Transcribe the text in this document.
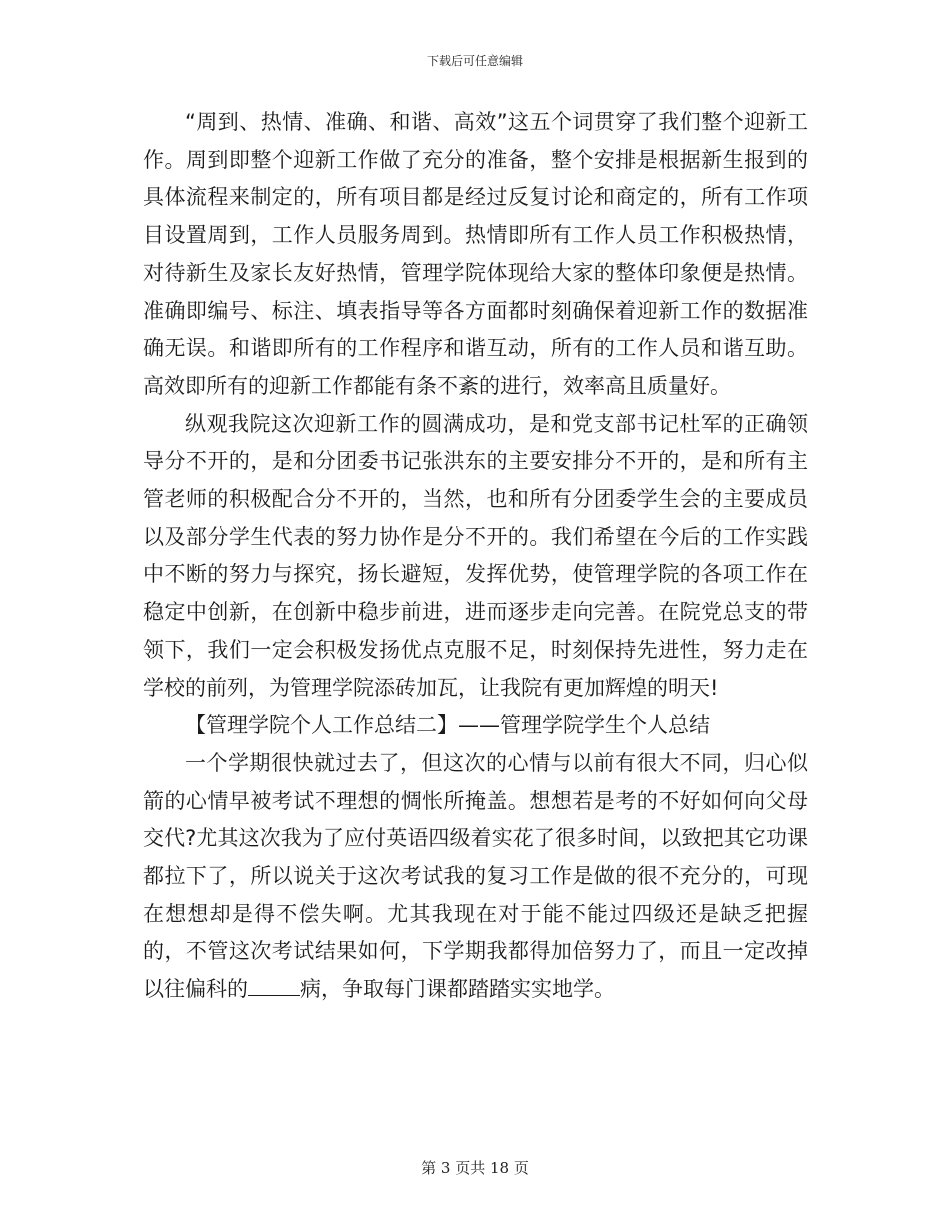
下载后可任意编辑

“周到、热情、准确、和谐、高效”这五个词贯穿了我们整个迎新工作。周到即整个迎新工作做了充分的准备，整个安排是根据新生报到的具体流程来制定的，所有项目都是经过反复讨论和商定的，所有工作项目设置周到，工作人员服务周到。热情即所有工作人员工作积极热情，对待新生及家长友好热情，管理学院体现给大家的整体印象便是热情。准确即编号、标注、填表指导等各方面都时刻确保着迎新工作的数据准确无误。和谐即所有的工作程序和谐互动，所有的工作人员和谐互助。高效即所有的迎新工作都能有条不紊的进行，效率高且质量好。

纵观我院这次迎新工作的圆满成功，是和党支部书记杜军的正确领导分不开的，是和分团委书记张洪东的主要安排分不开的，是和所有主管老师的积极配合分不开的，当然，也和所有分团委学生会的主要成员以及部分学生代表的努力协作是分不开的。我们希望在今后的工作实践中不断的努力与探究，扬长避短，发挥优势，使管理学院的各项工作在稳定中创新，在创新中稳步前进，进而逐步走向完善。在院党总支的带领下，我们一定会积极发扬优点克服不足，时刻保持先进性，努力走在学校的前列，为管理学院添砖加瓦，让我院有更加辉煌的明天!

【管理学院个人工作总结二】——管理学院学生个人总结

一个学期很快就过去了，但这次的心情与以前有很大不同，归心似箭的心情早被考试不理想的惆怅所掩盖。想想若是考的不好如何向父母交代?尤其这次我为了应付英语四级着实花了很多时间，以致把其它功课都拉下了，所以说关于这次考试我的复习工作是做的很不充分的，可现在想想却是得不偿失啊。尤其我现在对于能不能过四级还是缺乏把握的，不管这次考试结果如何，下学期我都得加倍努力了，而且一定改掉以往偏科的 病，争取每门课都踏踏实实地学。

第 3 页共 18 页
